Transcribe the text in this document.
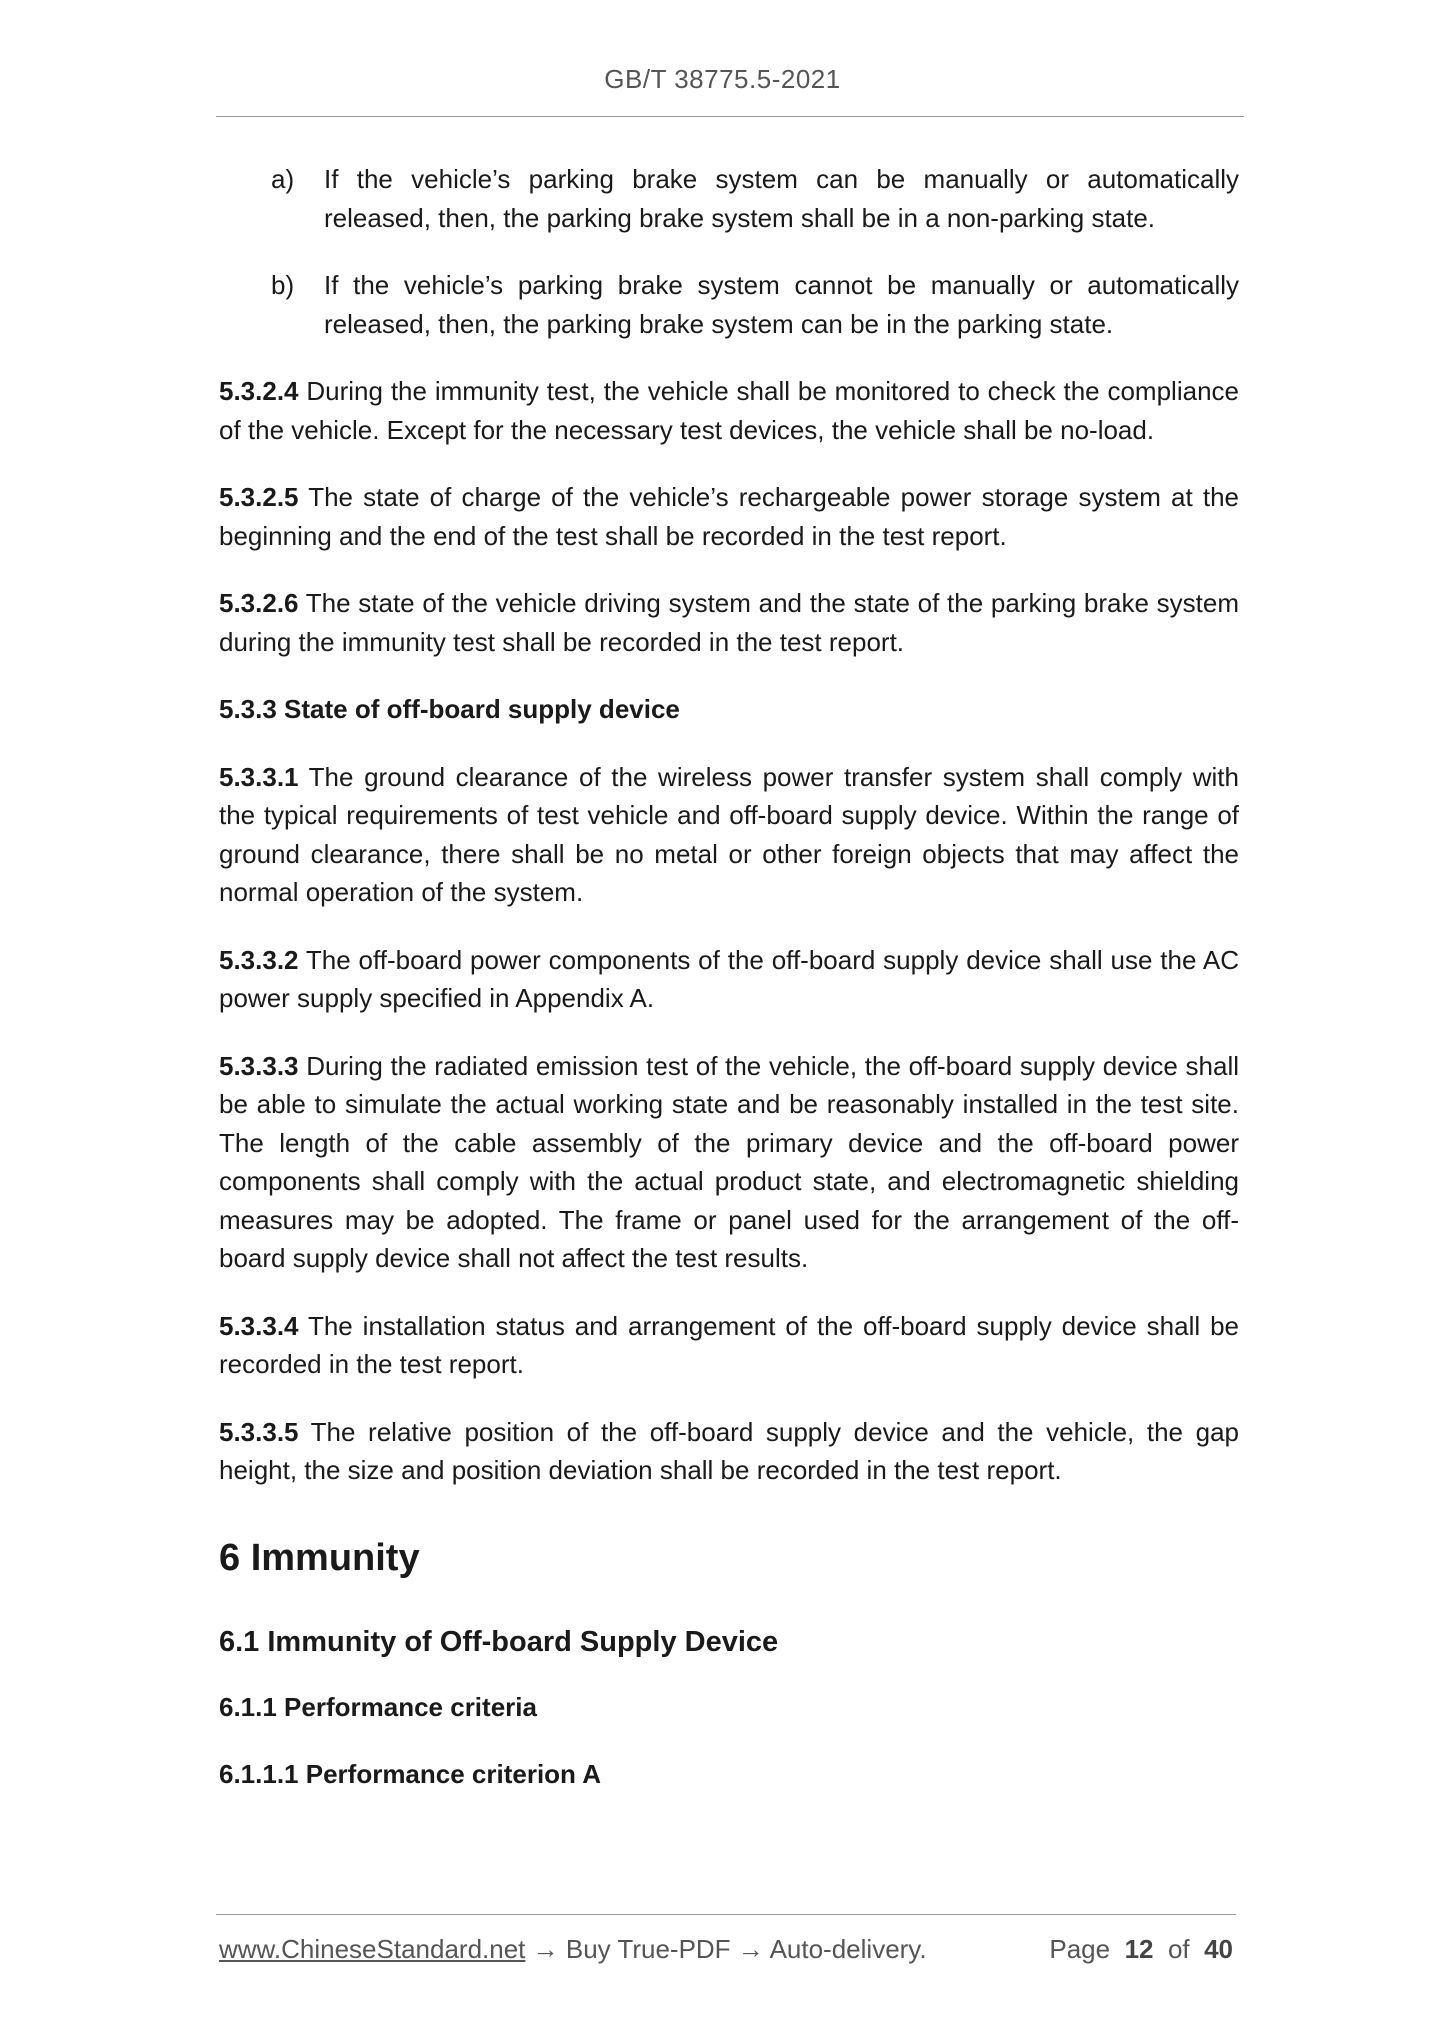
GB/T 38775.5-2021
a) If the vehicle’s parking brake system can be manually or automatically released, then, the parking brake system shall be in a non-parking state.
b) If the vehicle’s parking brake system cannot be manually or automatically released, then, the parking brake system can be in the parking state.

5.3.2.4 During the immunity test, the vehicle shall be monitored to check the compliance of the vehicle. Except for the necessary test devices, the vehicle shall be no-load.

5.3.2.5 The state of charge of the vehicle’s rechargeable power storage system at the beginning and the end of the test shall be recorded in the test report.

5.3.2.6 The state of the vehicle driving system and the state of the parking brake system during the immunity test shall be recorded in the test report.

5.3.3 State of off-board supply device

5.3.3.1 The ground clearance of the wireless power transfer system shall comply with the typical requirements of test vehicle and off-board supply device. Within the range of ground clearance, there shall be no metal or other foreign objects that may affect the normal operation of the system.

5.3.3.2 The off-board power components of the off-board supply device shall use the AC power supply specified in Appendix A.

5.3.3.3 During the radiated emission test of the vehicle, the off-board supply device shall be able to simulate the actual working state and be reasonably installed in the test site. The length of the cable assembly of the primary device and the off-board power components shall comply with the actual product state, and electromagnetic shielding measures may be adopted. The frame or panel used for the arrangement of the off-board supply device shall not affect the test results.

5.3.3.4 The installation status and arrangement of the off-board supply device shall be recorded in the test report.

5.3.3.5 The relative position of the off-board supply device and the vehicle, the gap height, the size and position deviation shall be recorded in the test report.

6 Immunity
6.1 Immunity of Off-board Supply Device
6.1.1 Performance criteria
6.1.1.1 Performance criterion A
www.ChineseStandard.net → Buy True-PDF → Auto-delivery.	Page 12 of 40
